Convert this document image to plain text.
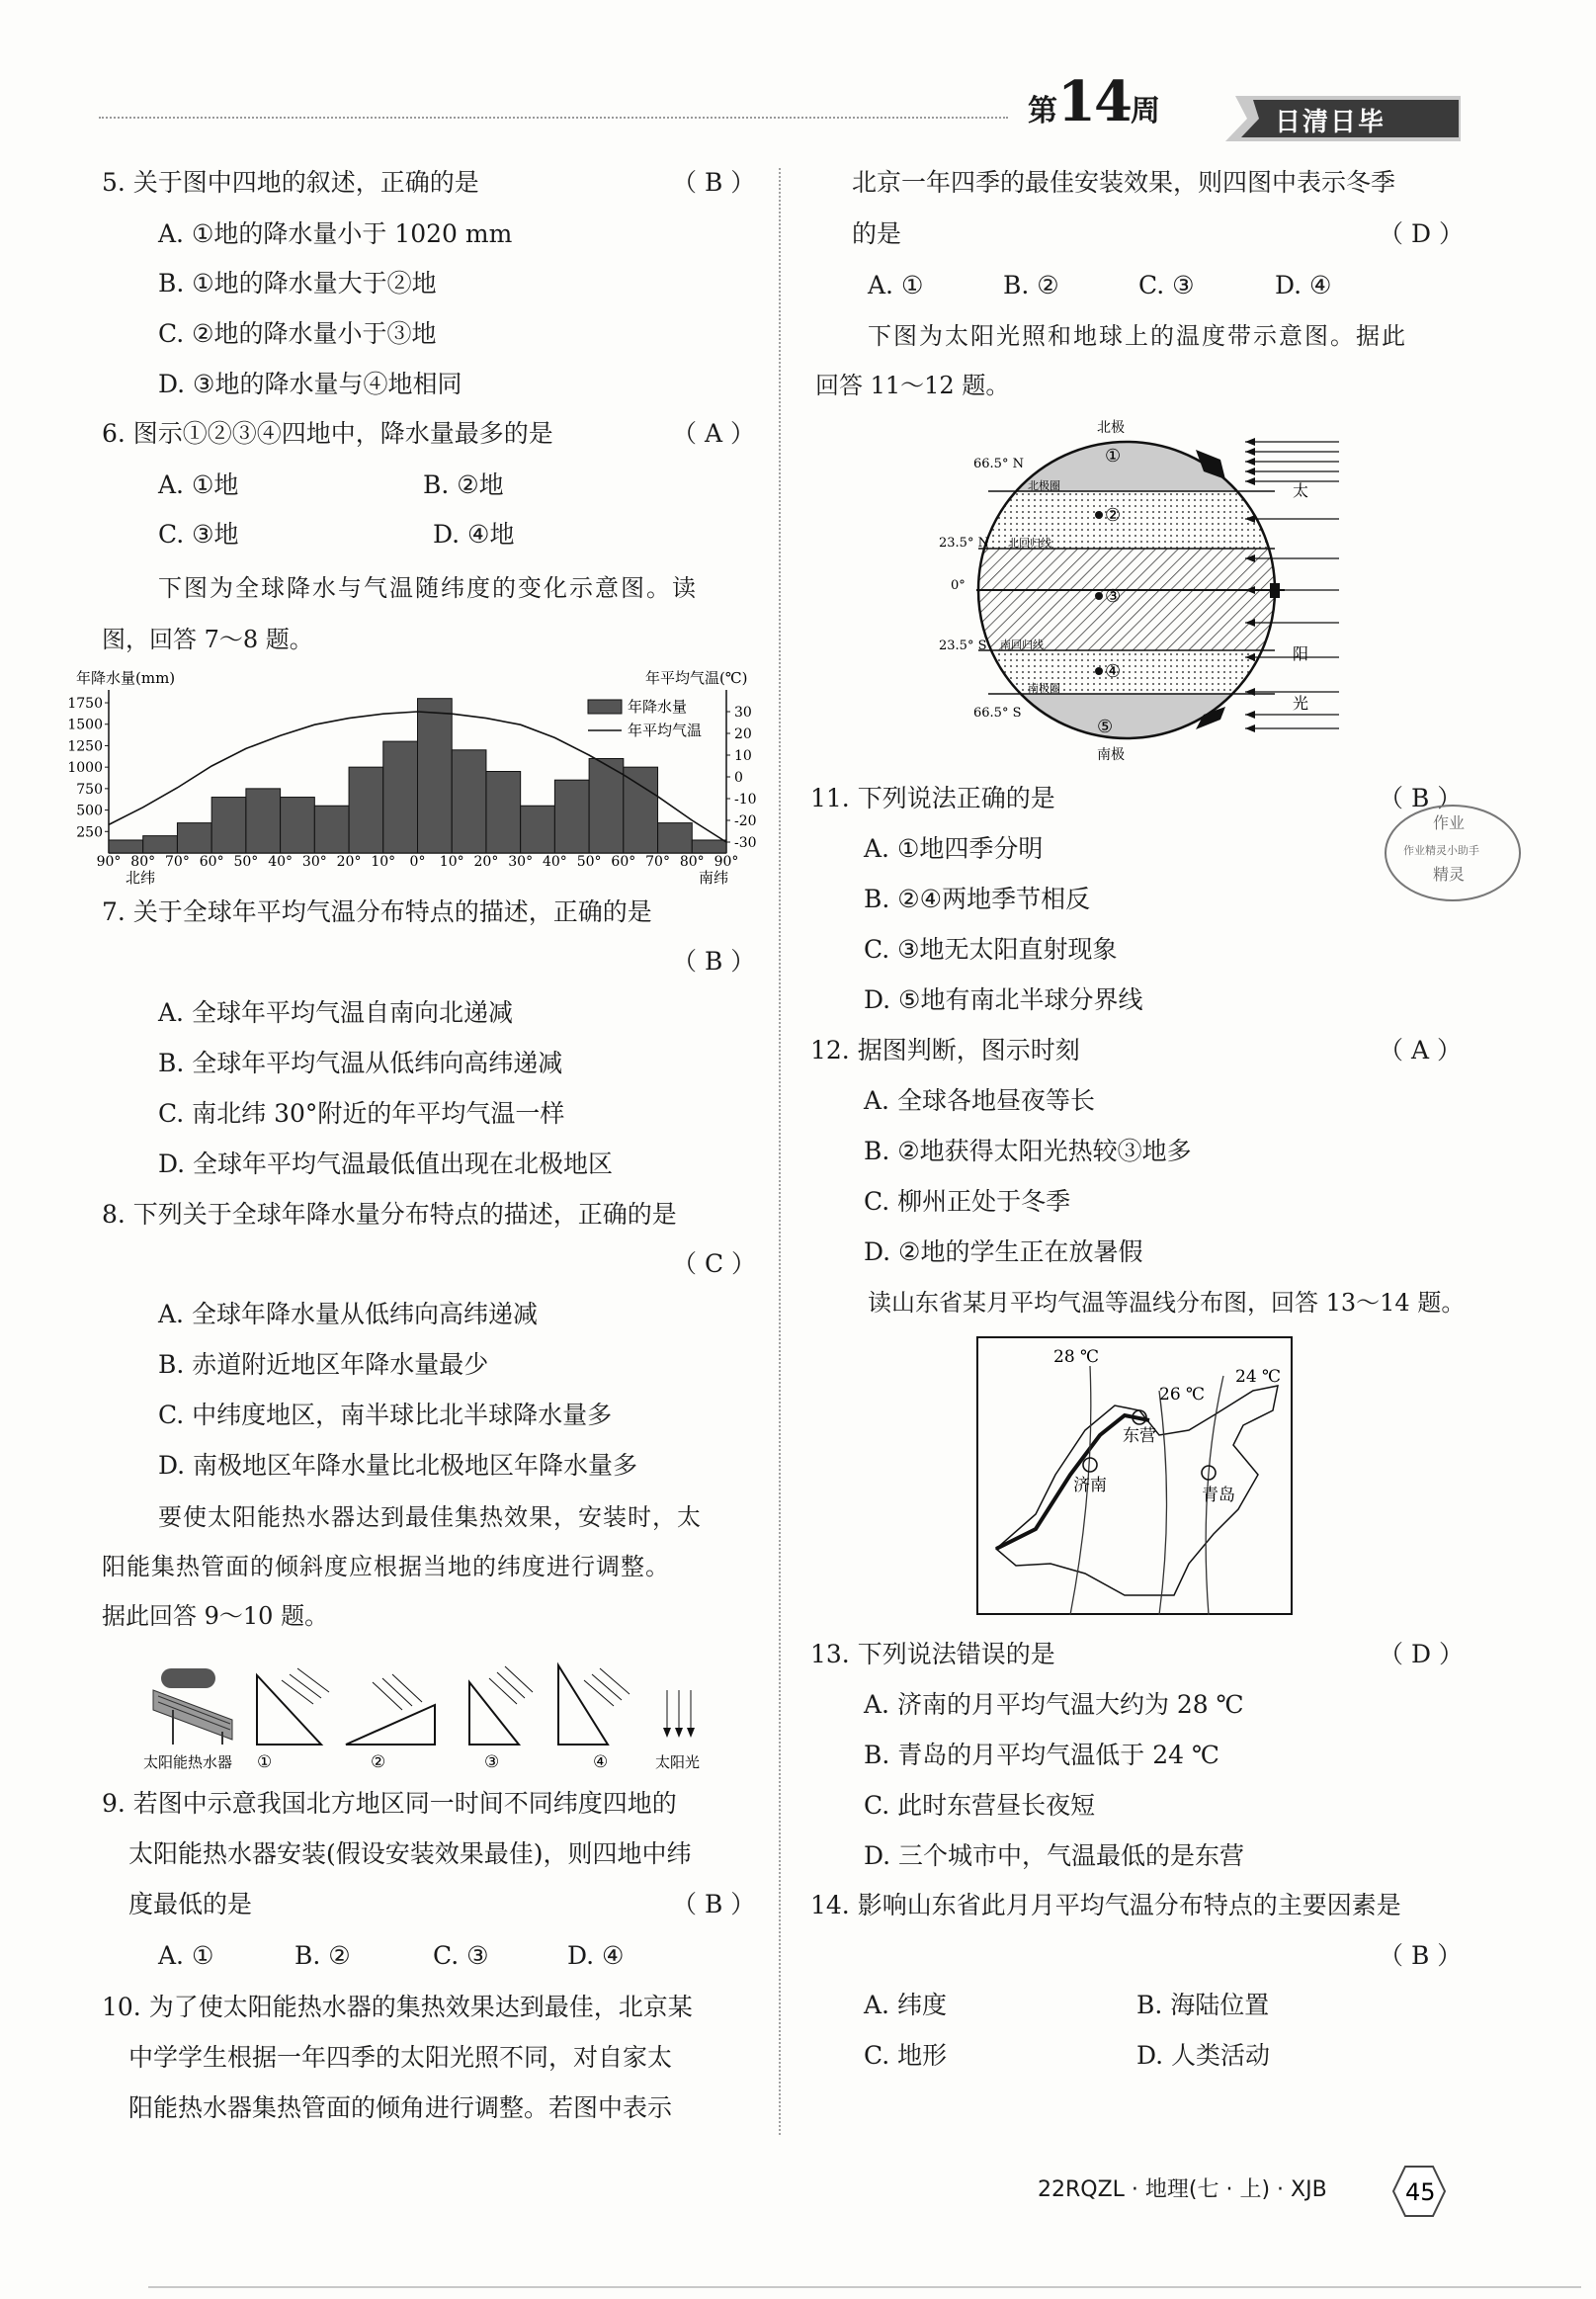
第14周	日清日毕
5. 关于图中四地的叙述，正确的是	（ B ）
A. ①地的降水量小于 1020 mm
B. ①地的降水量大于②地
C. ②地的降水量小于③地
D. ③地的降水量与④地相同
6. 图示①②③④四地中，降水量最多的是	（ A ）
A. ①地	B. ②地
C. ③地	D. ④地
下图为全球降水与气温随纬度的变化示意图。读
图，回答 7～8 题。
年降水量(mm)	年平均气温(℃)
250
500
750
1000
1250
1500
1750
30
20
10
0
-10
-20
-30
90° 80° 70° 60° 50° 40° 30° 20° 10° 0° 10° 20° 30° 40° 50° 60° 70° 80° 90°
年降水量
年平均气温
北纬	南纬
7. 关于全球年平均气温分布特点的描述，正确的是
（ B ）
A. 全球年平均气温自南向北递减
B. 全球年平均气温从低纬向高纬递减
C. 南北纬 30°附近的年平均气温一样
D. 全球年平均气温最低值出现在北极地区
8. 下列关于全球年降水量分布特点的描述，正确的是
（ C ）
A. 全球年降水量从低纬向高纬递减
B. 赤道附近地区年降水量最少
C. 中纬度地区，南半球比北半球降水量多
D. 南极地区年降水量比北极地区年降水量多
要使太阳能热水器达到最佳集热效果，安装时，太
阳能集热管面的倾斜度应根据当地的纬度进行调整。
据此回答 9～10 题。
太阳能热水器 ①	②	③	④	太阳光
9. 若图中示意我国北方地区同一时间不同纬度四地的
太阳能热水器安装(假设安装效果最佳)，则四地中纬
度最低的是	（ B ）
A. ①	B. ②	C. ③	D. ④
10. 为了使太阳能热水器的集热效果达到最佳，北京某
中学学生根据一年四季的太阳光照不同，对自家太
阳能热水器集热管面的倾角进行调整。若图中表示
北京一年四季的最佳安装效果，则四图中表示冬季
的是	（ D ）
A. ①	B. ②	C. ③	D. ④
下图为太阳光照和地球上的温度带示意图。据此
回答 11～12 题。
北极
南极
66.5° N
23.5° N
0°
23.5° S
66.5° S
北极圈
北回归线
南回归线
南极圈
①
②
③
④
⑤
太
阳
光
11. 下列说法正确的是	（ B ）
A. ①地四季分明
B. ②④两地季节相反
C. ③地无太阳直射现象
D. ⑤地有南北半球分界线
作业
作业精灵小助手
精灵
12. 据图判断，图示时刻	（ A ）
A. 全球各地昼夜等长
B. ②地获得太阳光热较③地多
C. 柳州正处于冬季
D. ②地的学生正在放暑假
读山东省某月平均气温等温线分布图，回答 13～14 题。
28 ℃
26 ℃
24 ℃
东营
济南	青岛
13. 下列说法错误的是	（ D ）
A. 济南的月平均气温大约为 28 ℃
B. 青岛的月平均气温低于 24 ℃
C. 此时东营昼长夜短
D. 三个城市中，气温最低的是东营
14. 影响山东省此月月平均气温分布特点的主要因素是
（ B ）
A. 纬度	B. 海陆位置
C. 地形	D. 人类活动
22RQZL · 地理(七 · 上) · XJB	45
